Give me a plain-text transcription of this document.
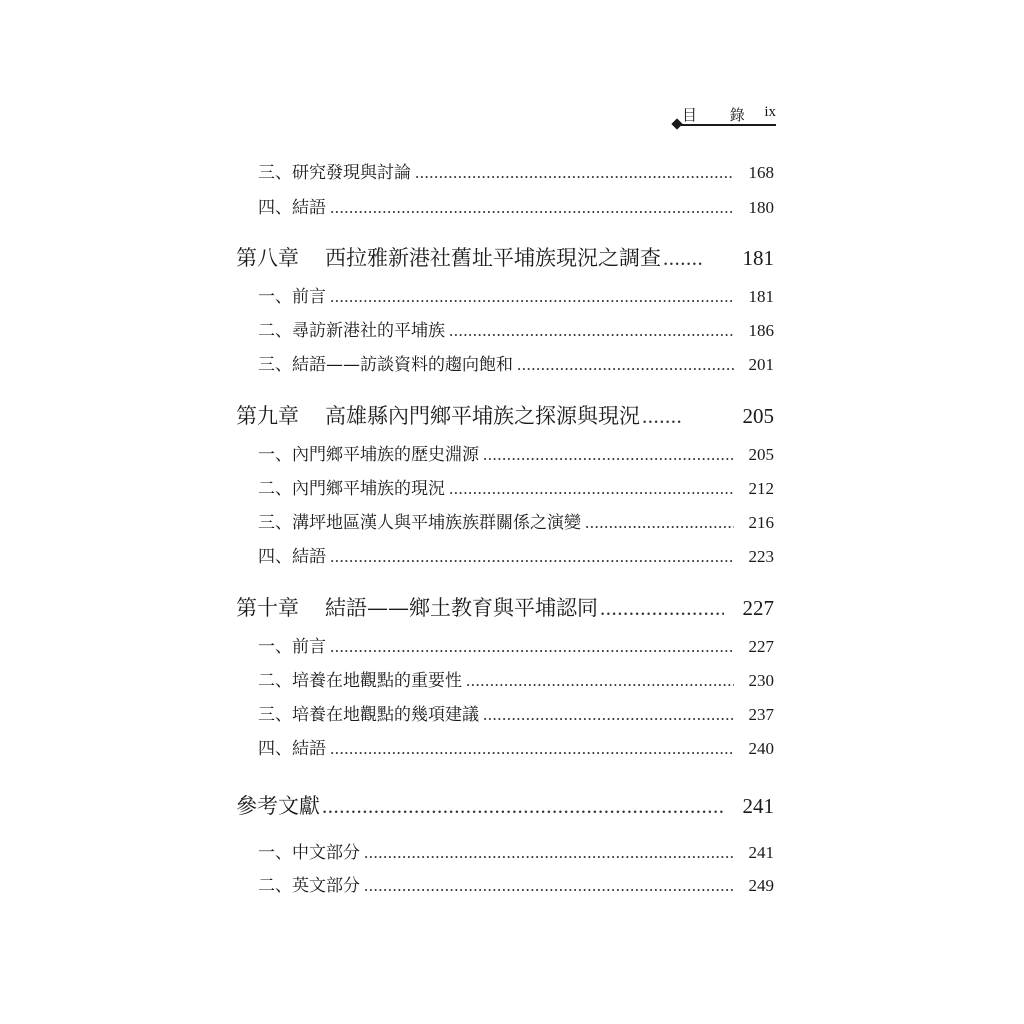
目 錄 ix
三、研究發現與討論 .....	168
四、結語 .....	180
第八章 西拉雅新港社舊址平埔族現況之調查 .....	181
一、前言 .....	181
二、尋訪新港社的平埔族 .....	186
三、結語——訪談資料的趨向飽和 .....	201
第九章 高雄縣內門鄉平埔族之探源與現況 .....	205
一、內門鄉平埔族的歷史淵源 .....	205
二、內門鄉平埔族的現況 .....	212
三、溝坪地區漢人與平埔族族群關係之演變 .....	216
四、結語 .....	223
第十章 結語——鄉土教育與平埔認同 .....	227
一、前言 .....	227
二、培養在地觀點的重要性 .....	230
三、培養在地觀點的幾項建議 .....	237
四、結語 .....	240
參考文獻 .....	241
一、中文部分 .....	241
二、英文部分 .....	249
